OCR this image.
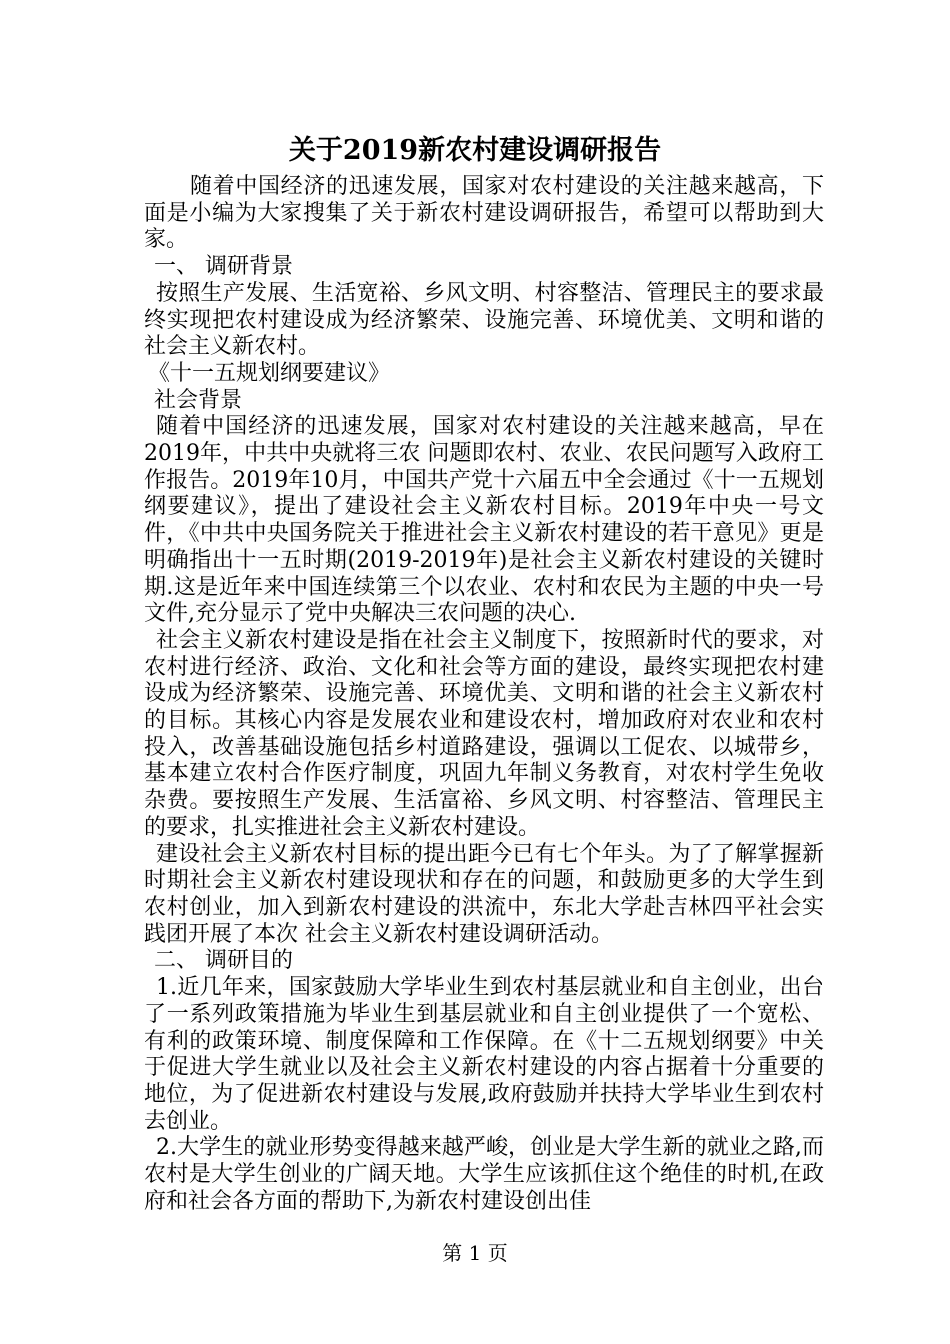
关于2019新农村建设调研报告

随着中国经济的迅速发展，国家对农村建设的关注越来越高，下面是小编为大家搜集了关于新农村建设调研报告，希望可以帮助到大家。

一、 调研背景

按照生产发展、生活宽裕、乡风文明、村容整洁、管理民主的要求最终实现把农村建设成为经济繁荣、设施完善、环境优美、文明和谐的社会主义新农村。

《十一五规划纲要建议》

社会背景

随着中国经济的迅速发展，国家对农村建设的关注越来越高，早在2019年，中共中央就将三农 问题即农村、农业、农民问题写入政府工作报告。2019年10月，中国共产党十六届五中全会通过《十一五规划纲要建议》，提出了建设社会主义新农村目标。2019年中央一号文件，《中共中央国务院关于推进社会主义新农村建设的若干意见》更是明确指出十一五时期(2019-2019年)是社会主义新农村建设的关键时期.这是近年来中国连续第三个以农业、农村和农民为主题的中央一号文件,充分显示了党中央解决三农问题的决心.

社会主义新农村建设是指在社会主义制度下，按照新时代的要求，对农村进行经济、政治、文化和社会等方面的建设，最终实现把农村建设成为经济繁荣、设施完善、环境优美、文明和谐的社会主义新农村的目标。其核心内容是发展农业和建设农村，增加政府对农业和农村投入，改善基础设施包括乡村道路建设，强调以工促农、以城带乡，基本建立农村合作医疗制度，巩固九年制义务教育，对农村学生免收杂费。要按照生产发展、生活富裕、乡风文明、村容整洁、管理民主的要求，扎实推进社会主义新农村建设。

建设社会主义新农村目标的提出距今已有七个年头。为了了解掌握新时期社会主义新农村建设现状和存在的问题，和鼓励更多的大学生到农村创业，加入到新农村建设的洪流中，东北大学赴吉林四平社会实践团开展了本次 社会主义新农村建设调研活动。

二、 调研目的

1.近几年来，国家鼓励大学毕业生到农村基层就业和自主创业，出台了一系列政策措施为毕业生到基层就业和自主创业提供了一个宽松、有利的政策环境、制度保障和工作保障。在《十二五规划纲要》中关于促进大学生就业以及社会主义新农村建设的内容占据着十分重要的地位，为了促进新农村建设与发展,政府鼓励并扶持大学毕业生到农村去创业。

2.大学生的就业形势变得越来越严峻，创业是大学生新的就业之路,而农村是大学生创业的广阔天地。大学生应该抓住这个绝佳的时机,在政府和社会各方面的帮助下,为新农村建设创出佳

第 1 页
